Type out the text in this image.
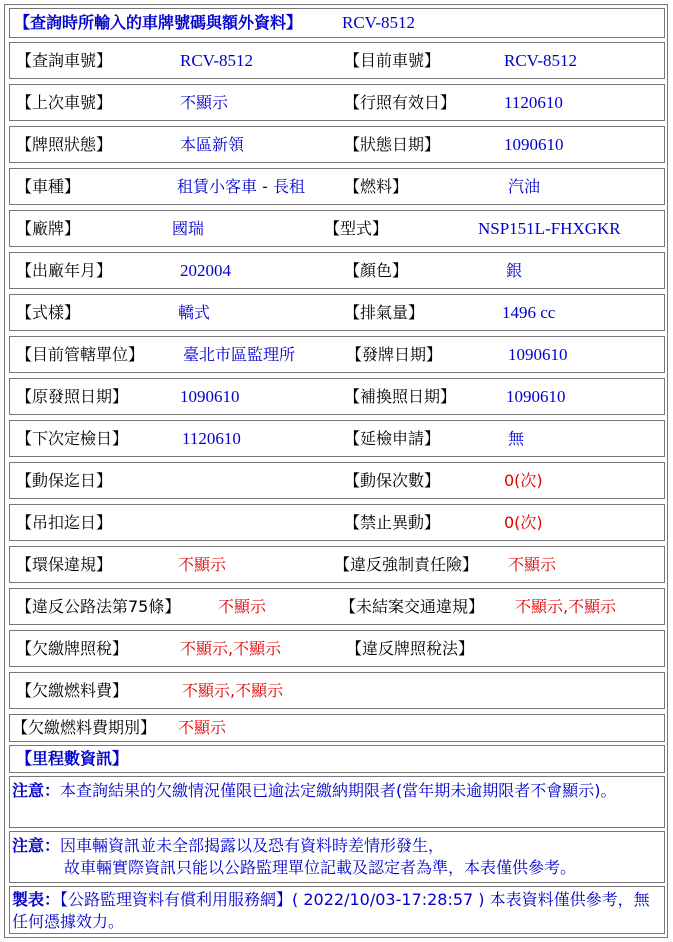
【查詢時所輸入的車牌號碼與額外資料】 RCV-8512
【查詢車號】	RCV-8512	【目前車號】	RCV-8512
【上次車號】	不顯示	【行照有效日】	1120610
【牌照狀態】	本區新領	【狀態日期】	1090610
【車種】	租賃小客車 - 長租 【燃料】	汽油
【廠牌】	國瑞	【型式】	NSP151L-FHXGKR
【出廠年月】	202004	【顏色】	銀
【式樣】	轎式	【排氣量】	1496 cc
【目前管轄單位】 臺北市區監理所	【發牌日期】	1090610
【原發照日期】	1090610	【補換照日期】	1090610
【下次定檢日】	1120610	【延檢申請】	無
【動保迄日】	【動保次數】	0(次)
【吊扣迄日】	【禁止異動】	0(次)
【環保違規】	不顯示	【違反強制責任險】 不顯示
【違反公路法第75條】 不顯示	【未結案交通違規】 不顯示,不顯示
【欠繳牌照稅】	不顯示,不顯示	【違反牌照稅法】
【欠繳燃料費】	不顯示,不顯示
【欠繳燃料費期別】 不顯示
【里程數資訊】
注意：本查詢結果的欠繳情況僅限已逾法定繳納期限者(當年期未逾期限者不會顯示)。
注意：因車輛資訊並未全部揭露以及恐有資料時差情形發生，
故車輛實際資訊只能以公路監理單位記載及認定者為準，本表僅供參考。
製表：【公路監理資料有償利用服務網】( 2022/10/03-17:28:57 ) 本表資料僅供參考，無任何憑據效力。
